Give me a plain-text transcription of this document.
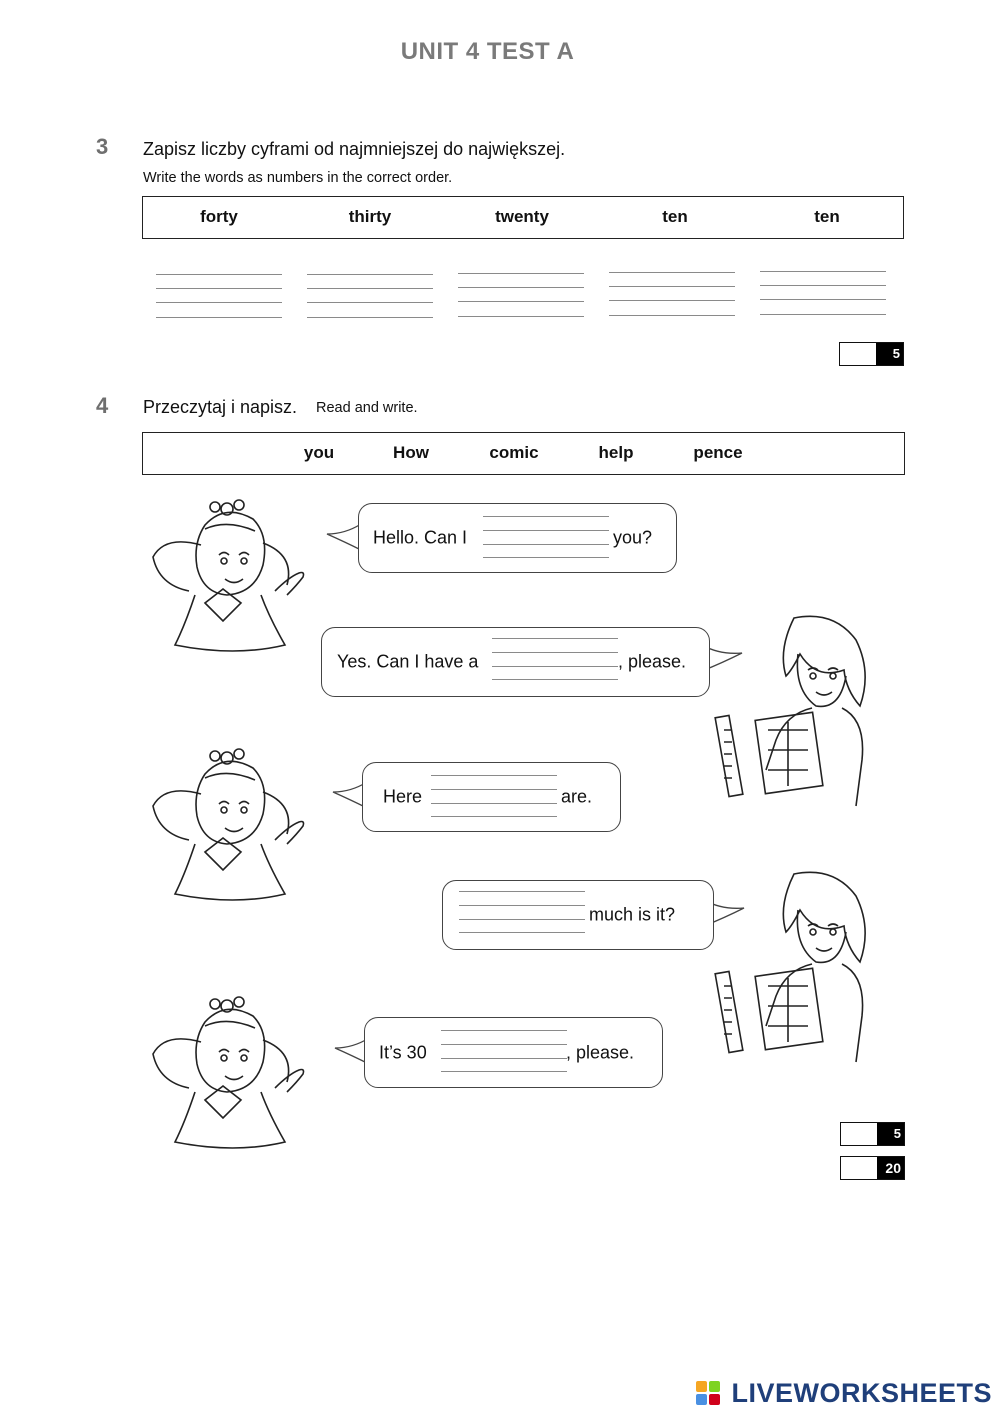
UNIT 4 TEST A
3 Zapisz liczby cyframi od najmniejszej do największej.
Write the words as numbers in the correct order.
forty	thirty	twenty	ten	ten
5
4 Przeczytaj i napisz. Read and write.
you	How	comic	help	pence
Hello. Can I	you?
Yes. Can I have a	, please.
Here	are.
much is it?
It’s 30	, please.
5
20
LIVEWORKSHEETS
